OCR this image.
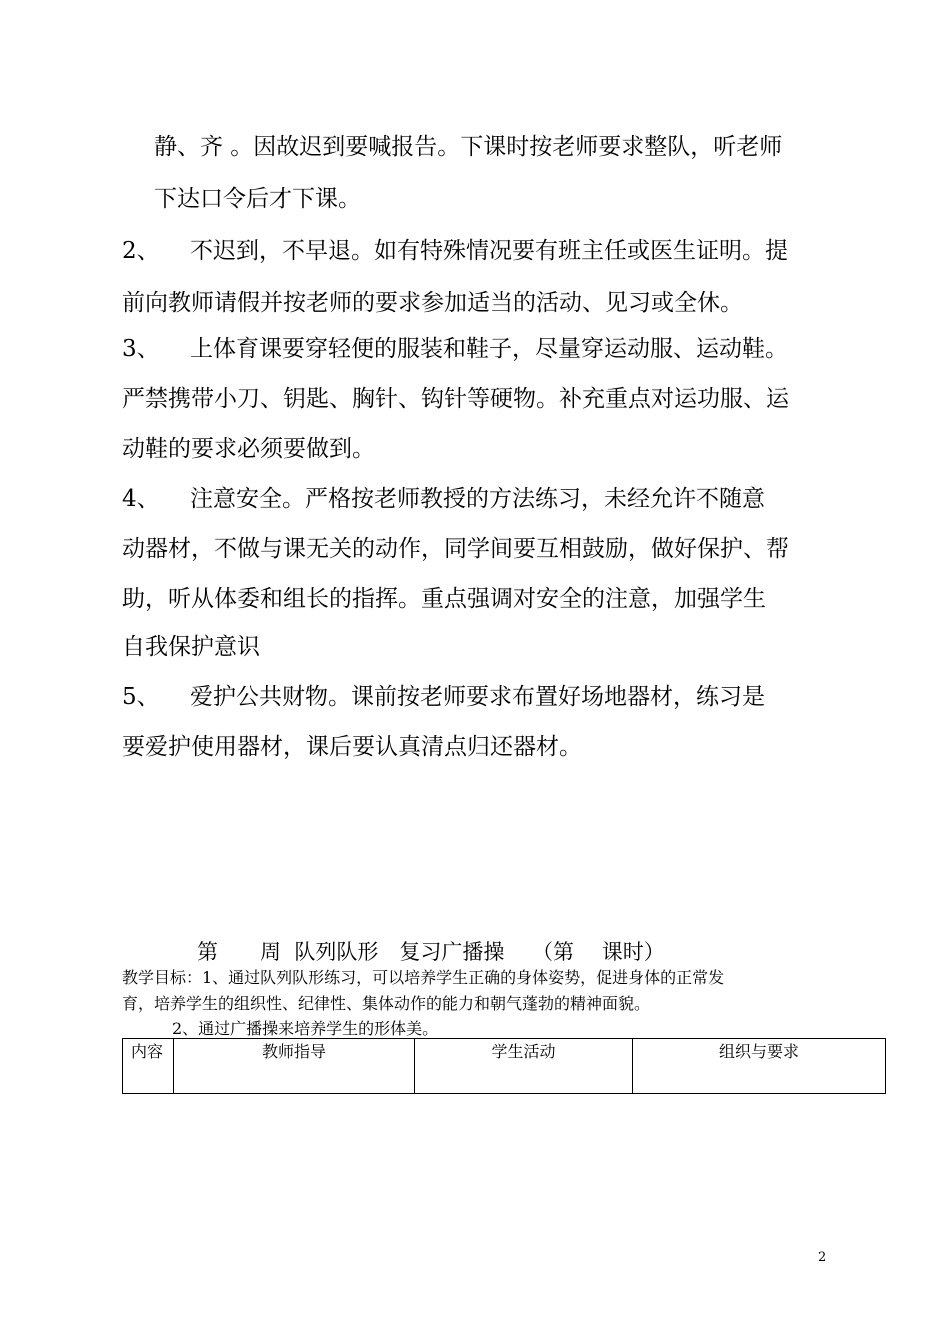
静、齐 。因故迟到要喊报告。下课时按老师要求整队，听老师
下达口令后才下课。
2、 不迟到，不早退。如有特殊情况要有班主任或医生证明。提
前向教师请假并按老师的要求参加适当的活动、见习或全休。
3、 上体育课要穿轻便的服装和鞋子，尽量穿运动服、运动鞋。
严禁携带小刀、钥匙、胸针、钩针等硬物。补充重点对运功服、运
动鞋的要求必须要做到。
4、 注意安全。严格按老师教授的方法练习，未经允许不随意
动器材，不做与课无关的动作，同学间要互相鼓励，做好保护、帮
助，听从体委和组长的指挥。重点强调对安全的注意，加强学生
自我保护意识
5、 爱护公共财物。课前按老师要求布置好场地器材，练习是
要爱护使用器材，课后要认真清点归还器材。
第　　周  队列队形　复习广播操　 （第　 课时）
教学目标：1、通过队列队形练习，可以培养学生正确的身体姿势，促进身体的正常发
育，培养学生的组织性、纪律性、集体动作的能力和朝气蓬勃的精神面貌。
2、通过广播操来培养学生的形体美。
内容	教师指导	学生活动	组织与要求
2
